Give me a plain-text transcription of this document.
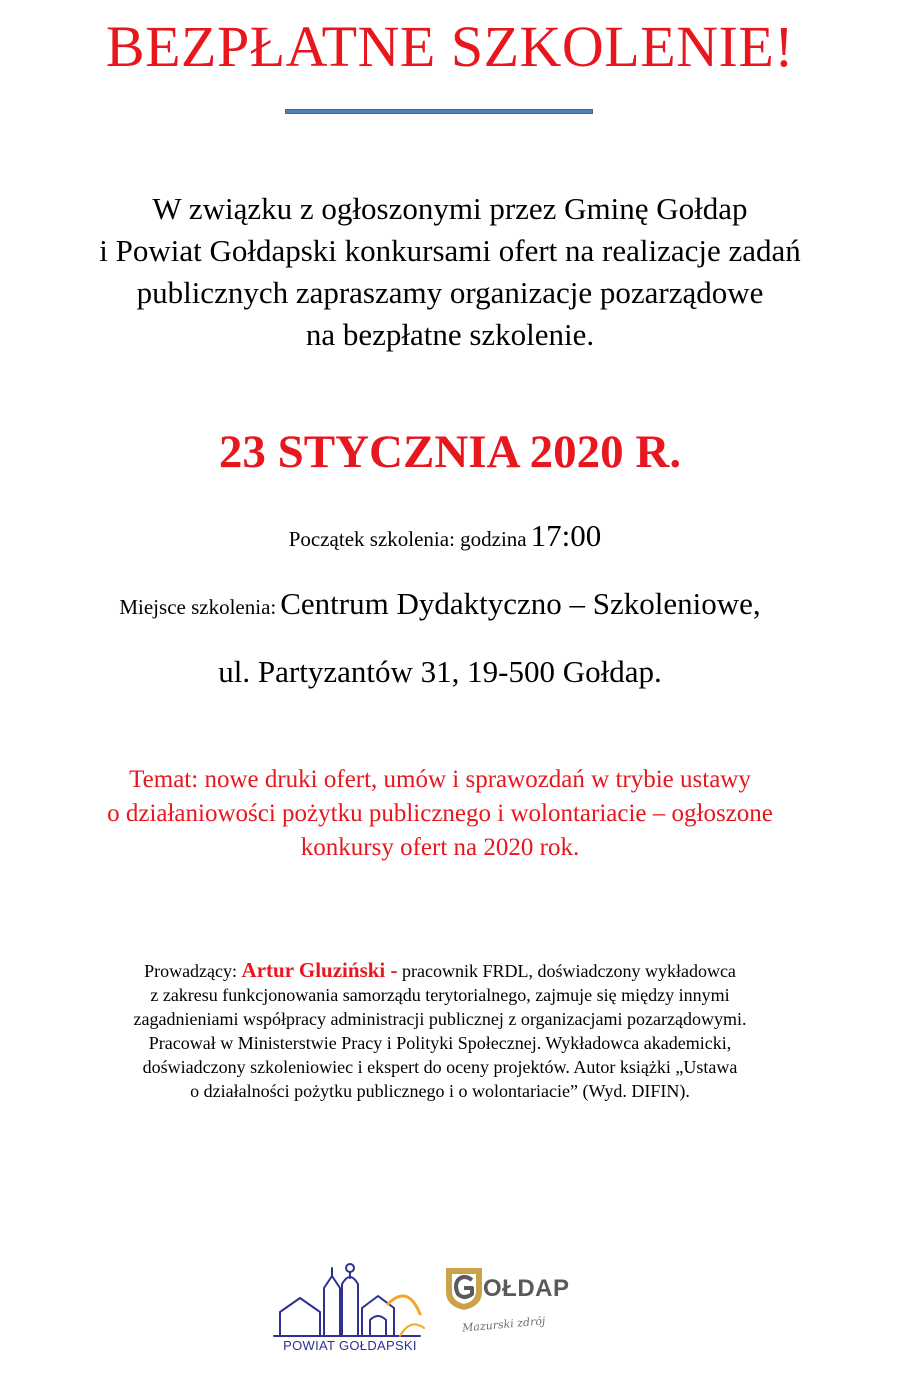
BEZPŁATNE SZKOLENIE!
W związku z ogłoszonymi przez Gminę Gołdap
i Powiat Gołdapski konkursami ofert na realizacje zadań
publicznych zapraszamy organizacje pozarządowe
na bezpłatne szkolenie.
23 STYCZNIA 2020 R.
Początek szkolenia: godzina 17:00
Miejsce szkolenia: Centrum Dydaktyczno – Szkoleniowe,
ul. Partyzantów 31, 19-500 Gołdap.
Temat: nowe druki ofert, umów i sprawozdań w trybie ustawy
o działaniowości pożytku publicznego i wolontariacie – ogłoszone
konkursy ofert na 2020 rok.
Prowadzący: Artur Gluziński - pracownik FRDL, doświadczony wykładowca
z zakresu funkcjonowania samorządu terytorialnego, zajmuje się między innymi
zagadnieniami współpracy administracji publicznej z organizacjami pozarządowymi.
Pracował w Ministerstwie Pracy i Polityki Społecznej. Wykładowca akademicki,
doświadczony szkoleniowiec i ekspert do oceny projektów. Autor książki „Ustawa
o działalności pożytku publicznego i o wolontariacie” (Wyd. DIFIN).
POWIAT GOŁDAPSKI
OŁDAP
Mazurski zdrój
